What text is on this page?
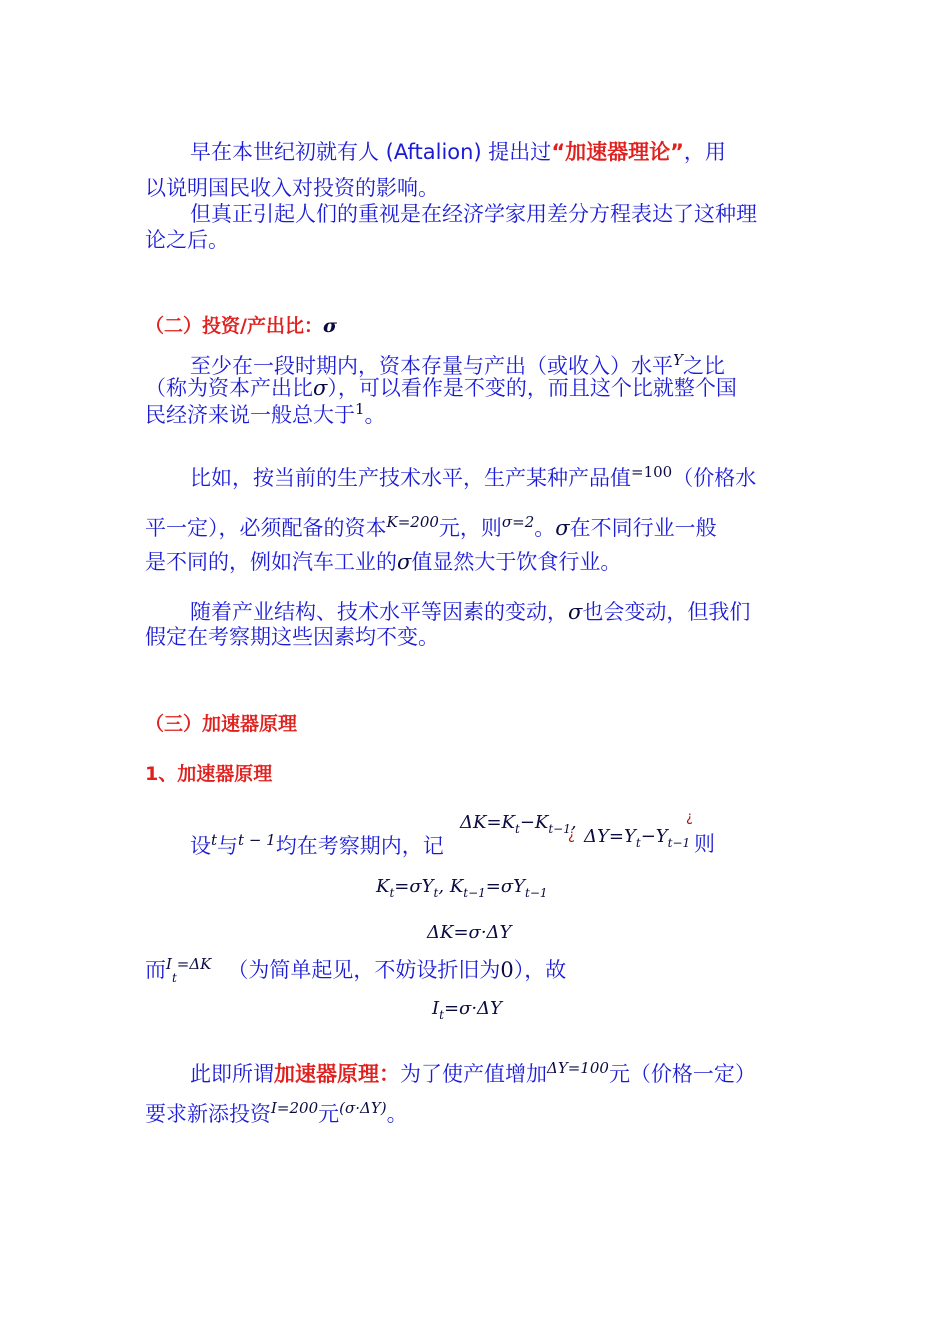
早在本世纪初就有人 (Aftalion) 提出过“加速器理论”，用
以说明国民收入对投资的影响。
但真正引起人们的重视是在经济学家用差分方程表达了这种理
论之后。
（二）投资/产出比：σ
至少在一段时期内，资本存量与产出（或收入）水平$^Y$之比
（称为资本产出比σ），可以看作是不变的，而且这个比就整个国
民经济来说一般总大于$^1$。
比如，按当前的生产技术水平，生产某种产品值$^{=100}$（价格水
平一定），必须配备的资本$^{K=200}$元，则$^{\sigma=2}$。σ在不同行业一般
是不同的，例如汽车工业的σ值显然大于饮食行业。
随着产业结构、技术水平等因素的变动，σ也会变动，但我们
假定在考察期这些因素均不变。
（三）加速器原理
1、加速器原理
$\Delta K=K_t-K_{t-1}$,
¿ $\Delta Y=Y_t-Y_{t-1}$
¿
设$^t$与$^{t - 1}$均在考察期内，记	则
$K_t=\sigma Y_t$, $K_{t-1}=\sigma Y_{t-1}$
ΔK=σ·ΔY
而$^I_t^{=\Delta K}$ （为简单起见，不妨设折旧为0），故
$I_t=\sigma\cdot\Delta Y$
此即所谓加速器原理：为了使产值增加$^{\Delta Y=100}$元（价格一定）
要求新添投资$^{I=200}$元$^{(\sigma\cdot\Delta Y)}$。
